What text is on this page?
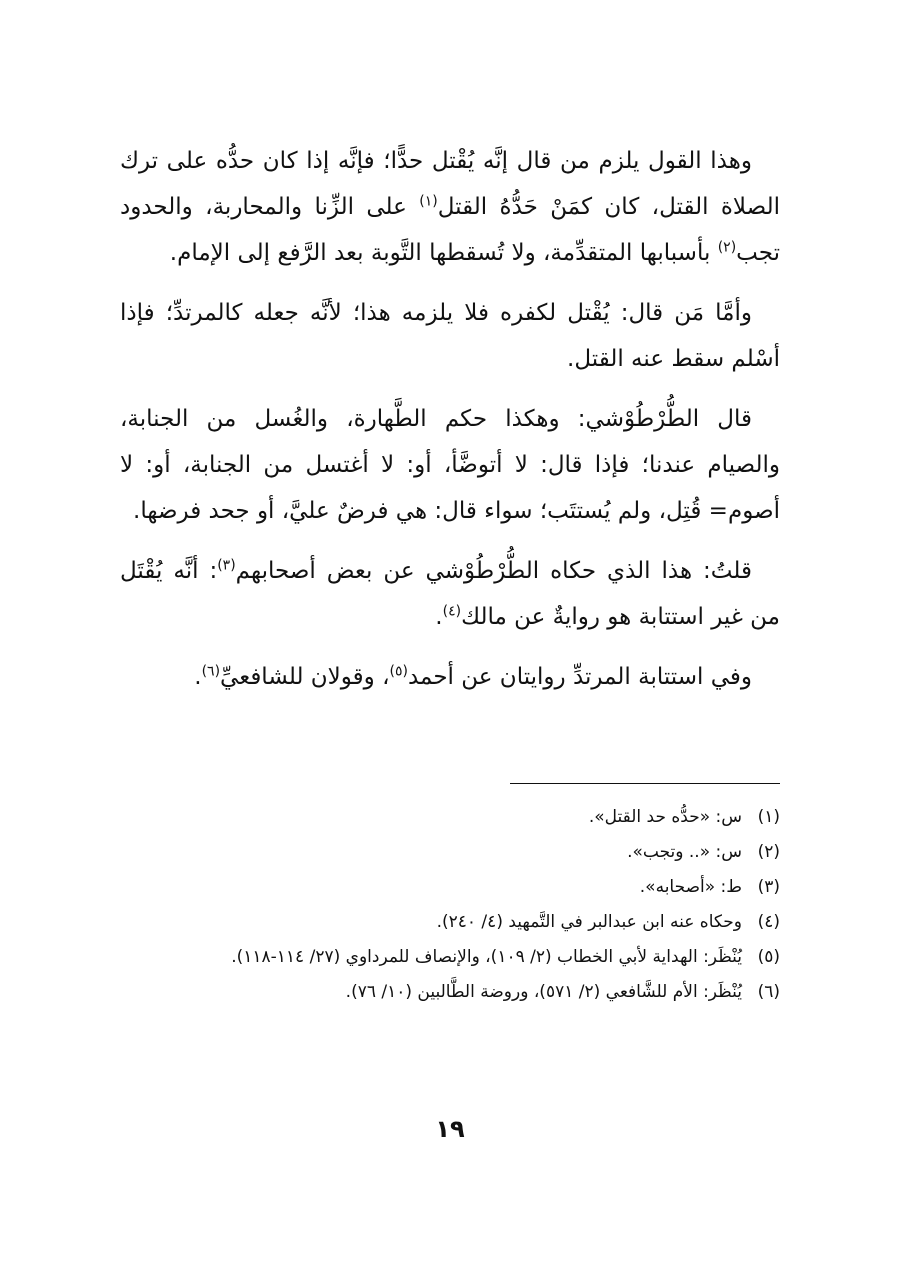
وهذا القول يلزم من قال إنَّه يُقْتل حدًّا؛ فإنَّه إذا كان حدُّه على ترك الصلاة القتل، كان كمَنْ حَدُّهُ القتل$^{(١)}$ على الزِّنا والمحاربة، والحدود تجب$^{(٢)}$ بأسبابها المتقدِّمة، ولا تُسقطها التَّوبة بعد الرَّفع إلى الإمام.

وأمَّا مَن قال: يُقْتل لكفره فلا يلزمه هذا؛ لأنَّه جعله كالمرتدِّ؛ فإذا أسْلم سقط عنه القتل.

قال الطُّرْطُوْشي: وهكذا حكم الطَّهارة، والغُسل من الجنابة، والصيام عندنا؛ فإذا قال: لا أتوضَّأ، أو: لا أغتسل من الجنابة، أو: لا أصوم= قُتِل، ولم يُستتَب؛ سواء قال: هي فرضٌ عليَّ، أو جحد فرضها.

قلتُ: هذا الذي حكاه الطُّرْطُوْشي عن بعض أصحابهم$^{(٣)}$: أنَّه يُقْتَل من غير استتابة هو روايةٌ عن مالك$^{(٤)}$.

وفي استتابة المرتدِّ روايتان عن أحمد$^{(٥)}$، وقولان للشافعيِّ$^{(٦)}$.

(١)
س: «حدُّه حد القتل».
(٢)
س: «.. وتجب».
(٣)
ط: «أصحابه».
(٤)
وحكاه عنه ابن عبدالبر في التَّمهيد (٤/ ٢٤٠).
(٥)
يُنْظَر: الهداية لأبي الخطاب (٢/ ١٠٩)، والإنصاف للمرداوي (٢٧/ ١١٤-١١٨).
(٦)
يُنْظَر: الأم للشَّافعي (٢/ ٥٧١)، وروضة الطَّالبين (١٠/ ٧٦).
١٩
